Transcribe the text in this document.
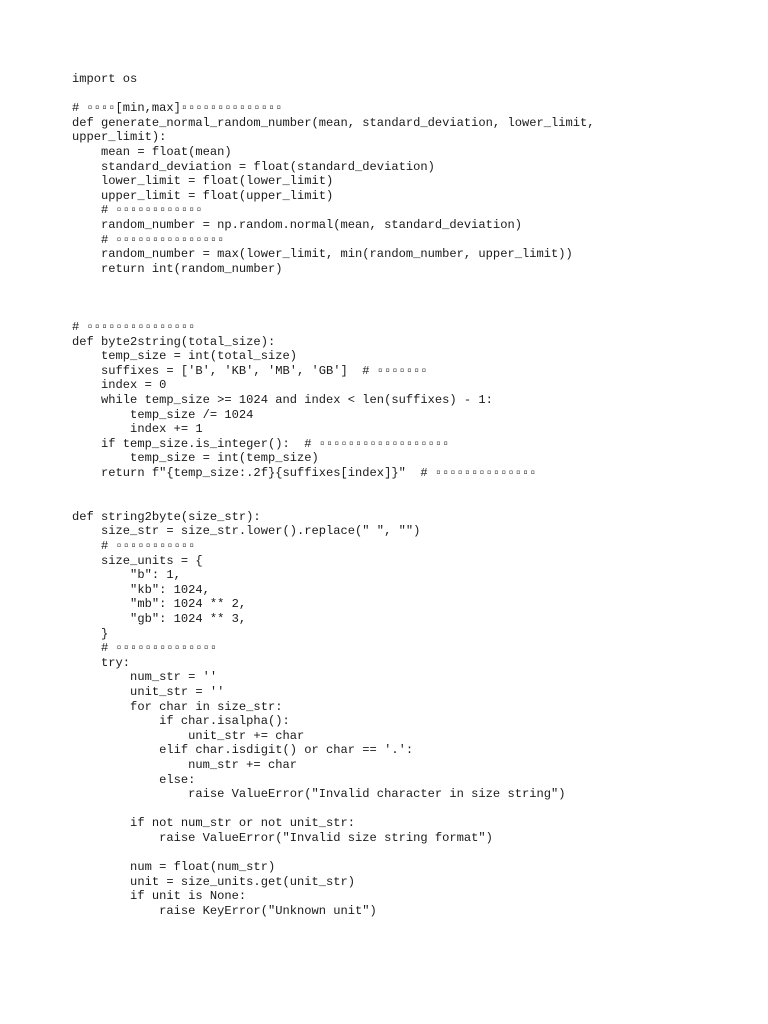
import os
# ▫▫▫▫[min,max]▫▫▫▫▫▫▫▫▫▫▫▫▫▫
def generate_normal_random_number(mean, standard_deviation, lower_limit,
upper_limit):
mean = float(mean)
standard_deviation = float(standard_deviation)
lower_limit = float(lower_limit)
upper_limit = float(upper_limit)
# ▫▫▫▫▫▫▫▫▫▫▫▫
random_number = np.random.normal(mean, standard_deviation)
# ▫▫▫▫▫▫▫▫▫▫▫▫▫▫▫
random_number = max(lower_limit, min(random_number, upper_limit))
return int(random_number)
# ▫▫▫▫▫▫▫▫▫▫▫▫▫▫▫
def byte2string(total_size):
temp_size = int(total_size)
suffixes = ['B', 'KB', 'MB', 'GB']  # ▫▫▫▫▫▫▫
index = 0
while temp_size >= 1024 and index < len(suffixes) - 1:
temp_size /= 1024
index += 1
if temp_size.is_integer():  # ▫▫▫▫▫▫▫▫▫▫▫▫▫▫▫▫▫▫
temp_size = int(temp_size)
return f"{temp_size:.2f}{suffixes[index]}"  # ▫▫▫▫▫▫▫▫▫▫▫▫▫▫
def string2byte(size_str):
size_str = size_str.lower().replace(" ", "")
# ▫▫▫▫▫▫▫▫▫▫▫
size_units = {
"b": 1,
"kb": 1024,
"mb": 1024 ** 2,
"gb": 1024 ** 3,
}
# ▫▫▫▫▫▫▫▫▫▫▫▫▫▫
try:
num_str = ''
unit_str = ''
for char in size_str:
if char.isalpha():
unit_str += char
elif char.isdigit() or char == '.':
num_str += char
else:
raise ValueError("Invalid character in size string")
if not num_str or not unit_str:
raise ValueError("Invalid size string format")
num = float(num_str)
unit = size_units.get(unit_str)
if unit is None:
raise KeyError("Unknown unit")
